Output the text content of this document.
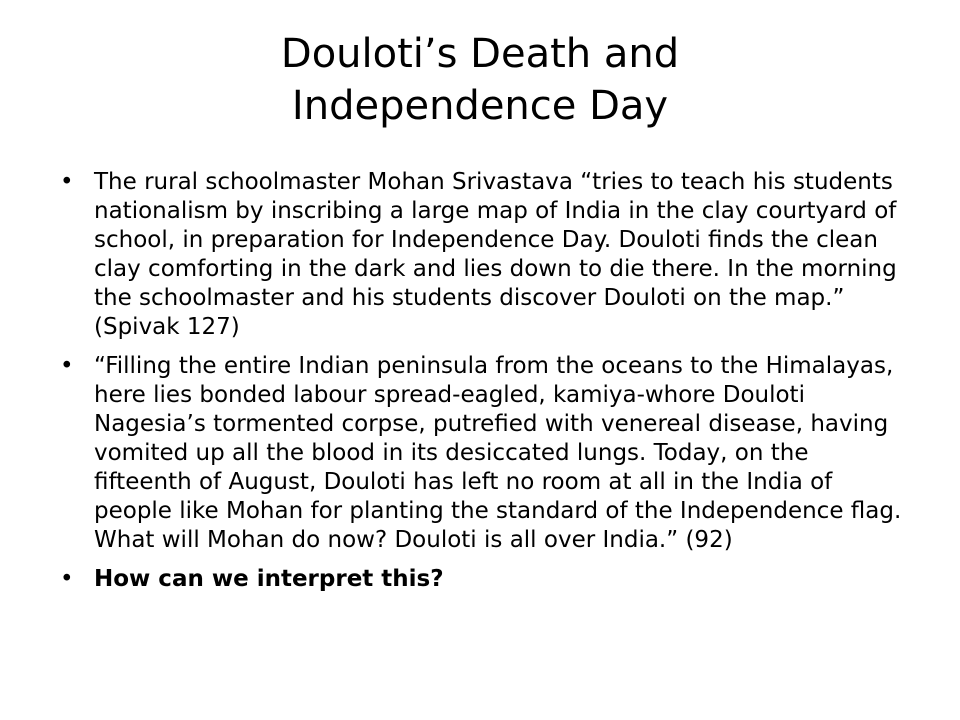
Douloti’s Death and
Independence Day
• The rural schoolmaster Mohan Srivastava “tries to teach his students nationalism by inscribing a large map of India in the clay courtyard of school, in preparation for Independence Day. Douloti finds the clean clay comforting in the dark and lies down to die there. In the morning the schoolmaster and his students discover Douloti on the map.” (Spivak 127)
• “Filling the entire Indian peninsula from the oceans to the Himalayas, here lies bonded labour spread-eagled, kamiya-whore Douloti Nagesia’s tormented corpse, putrefied with venereal disease, having vomited up all the blood in its desiccated lungs. Today, on the fifteenth of August, Douloti has left no room at all in the India of people like Mohan for planting the standard of the Independence flag. What will Mohan do now? Douloti is all over India.” (92)
• How can we interpret this?
